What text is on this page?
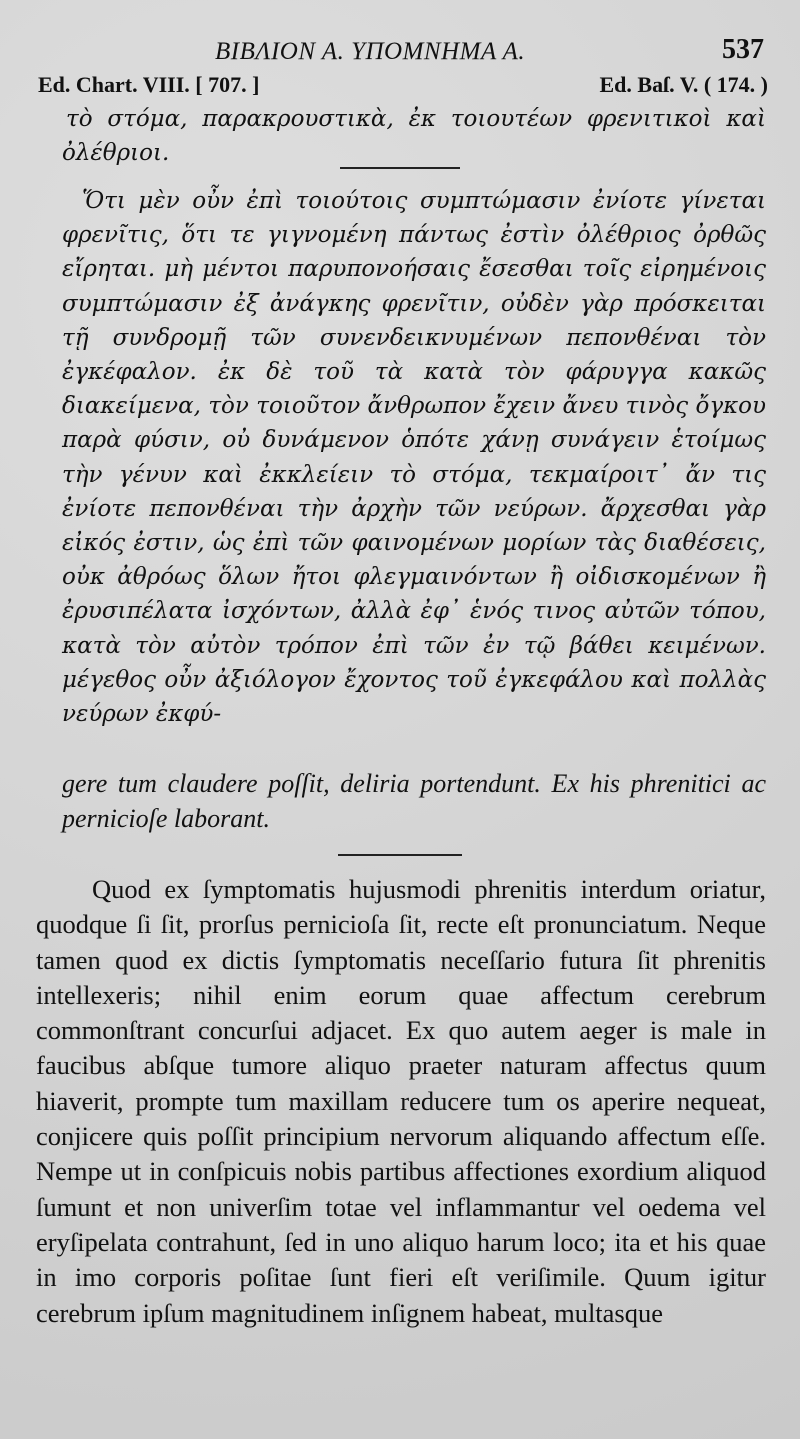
ΒΙΒΛΙΟΝ Α. ΥΠΟΜΝΗΜΑ Α.	537
Ed. Chart. VIII. [ 707. ]	Ed. Baſ. V. ( 174. )
τὸ στόμα, παρακρουστικὰ, ἐκ τοιουτέων φρενιτικοὶ καὶ ὀλέθριοι.
Ὅτι μὲν οὖν ἐπὶ τοιούτοις συμπτώμασιν ἐνίοτε γίνεται φρενῖτις, ὅτι τε γιγνομένη πάντως ἐστὶν ὀλέθριος ὀρθῶς εἴρηται. μὴ μέντοι παρυπονοήσαις ἔσεσθαι τοῖς εἰρημένοις συμπτώμασιν ἐξ ἀνάγκης φρενῖτιν, οὐδὲν γὰρ πρόσκειται τῇ συνδρομῇ τῶν συνενδεικνυμένων πεπονθέναι τὸν ἐγκέφαλον. ἐκ δὲ τοῦ τὰ κατὰ τὸν φάρυγγα κακῶς διακείμενα, τὸν τοιοῦτον ἄνθρωπον ἔχειν ἄνευ τινὸς ὄγκου παρὰ φύσιν, οὐ δυνάμενον ὁπότε χάνῃ συνάγειν ἑτοίμως τὴν γένυν καὶ ἐκκλείειν τὸ στόμα, τεκμαίροιτ᾽ ἄν τις ἐνίοτε πεπονθέναι τὴν ἀρχὴν τῶν νεύρων. ἄρχεσθαι γὰρ εἰκός ἐστιν, ὡς ἐπὶ τῶν φαινομένων μορίων τὰς διαθέσεις, οὐκ ἀθρόως ὅλων ἤτοι φλεγμαινόντων ἢ οἰδισκομένων ἢ ἐρυσιπέλατα ἰσχόντων, ἀλλὰ ἐφ᾽ ἑνός τινος αὐτῶν τόπου, κατὰ τὸν αὐτὸν τρόπον ἐπὶ τῶν ἐν τῷ βάθει κειμένων. μέγεθος οὖν ἀξιόλογον ἔχοντος τοῦ ἐγκεφάλου καὶ πολλὰς νεύρων ἐκφύ-
gere tum claudere poſſit, deliria portendunt. Ex his phrenitici ac pernicioſe laborant.
Quod ex ſymptomatis hujusmodi phrenitis interdum oriatur, quodque ſi ſit, prorſus pernicioſa ſit, recte eſt pronunciatum. Neque tamen quod ex dictis ſymptomatis neceſſario futura ſit phrenitis intellexeris; nihil enim eorum quae affectum cerebrum commonſtrant concurſui adjacet. Ex quo autem aeger is male in faucibus abſque tumore aliquo praeter naturam affectus quum hiaverit, prompte tum maxillam reducere tum os aperire nequeat, conjicere quis poſſit principium nervorum aliquando affectum eſſe. Nempe ut in conſpicuis nobis partibus affectiones exordium aliquod ſumunt et non univerſim totae vel inflammantur vel oedema vel eryſipelata contrahunt, ſed in uno aliquo harum loco; ita et his quae in imo corporis poſitae ſunt fieri eſt veriſimile. Quum igitur cerebrum ipſum magnitudinem inſignem habeat, multasque
